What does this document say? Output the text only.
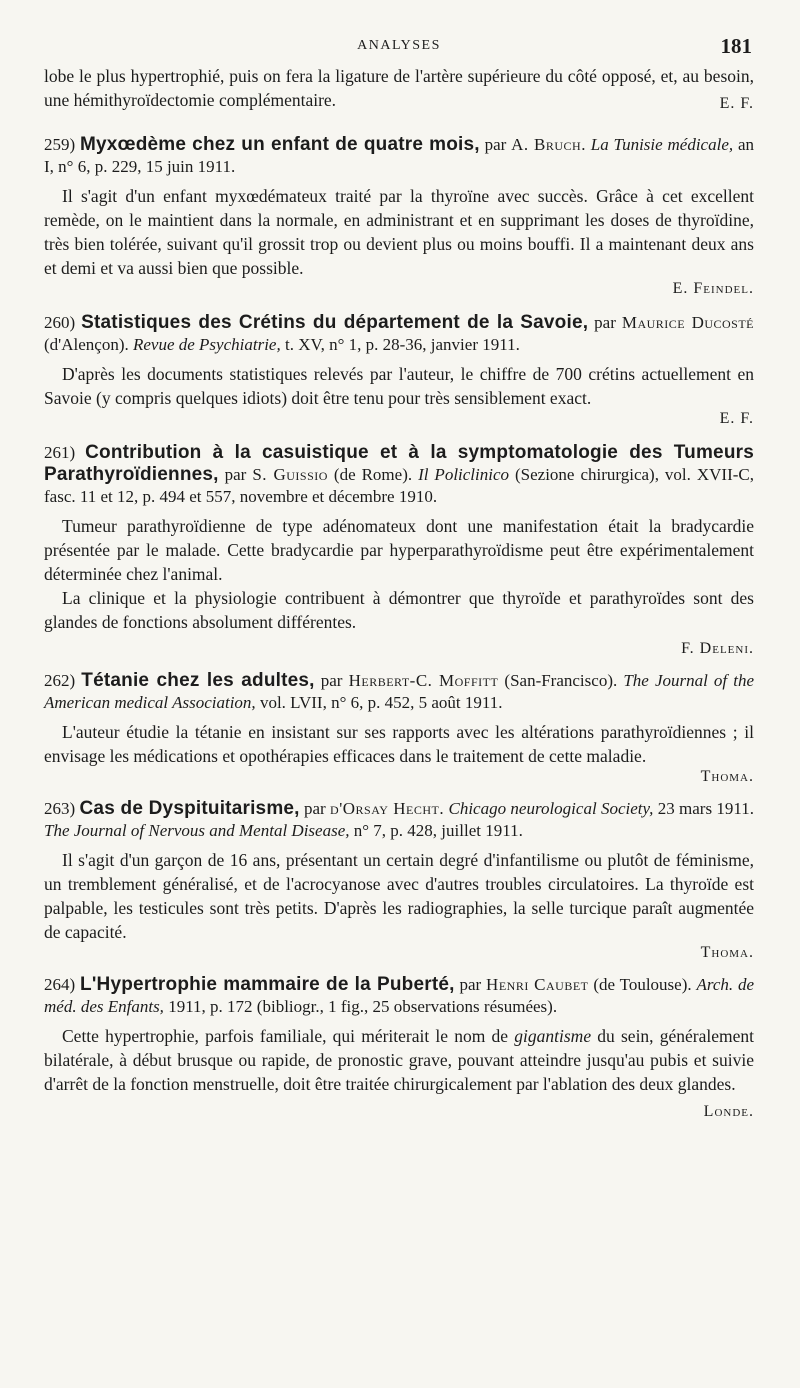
ANALYSES	181
lobe le plus hypertrophié, puis on fera la ligature de l'artère supérieure du côté opposé, et, au besoin, une hémithyroïdectomie complémentaire.	E. F.
259) Myxœdème chez un enfant de quatre mois, par A. Bruch. La Tunisie médicale, an I, n° 6, p. 229, 15 juin 1911.

Il s'agit d'un enfant myxœdémateux traité par la thyroïne avec succès. Grâce à cet excellent remède, on le maintient dans la normale, en administrant et en supprimant les doses de thyroïdine, très bien tolérée, suivant qu'il grossit trop ou devient plus ou moins bouffi. Il a maintenant deux ans et demi et va aussi bien que possible.

E. Feindel.
260) Statistiques des Crétins du département de la Savoie, par Maurice Ducosté (d'Alençon). Revue de Psychiatrie, t. XV, n° 1, p. 28-36, janvier 1911.

D'après les documents statistiques relevés par l'auteur, le chiffre de 700 crétins actuellement en Savoie (y compris quelques idiots) doit être tenu pour très sensiblement exact.

E. F.
261) Contribution à la casuistique et à la symptomatologie des Tumeurs Parathyroïdiennes, par S. Guissio (de Rome). Il Policlinico (Sezione chirurgica), vol. XVII-C, fasc. 11 et 12, p. 494 et 557, novembre et décembre 1910.

Tumeur parathyroïdienne de type adénomateux dont une manifestation était la bradycardie présentée par le malade. Cette bradycardie par hyperparathyroïdisme peut être expérimentalement déterminée chez l'animal.

La clinique et la physiologie contribuent à démontrer que thyroïde et parathyroïdes sont des glandes de fonctions absolument différentes.

F. Deleni.
262) Tétanie chez les adultes, par Herbert-C. Moffitt (San-Francisco). The Journal of the American medical Association, vol. LVII, n° 6, p. 452, 5 août 1911.

L'auteur étudie la tétanie en insistant sur ses rapports avec les altérations parathyroïdiennes ; il envisage les médications et opothérapies efficaces dans le traitement de cette maladie.

Thoma.
263) Cas de Dyspituitarisme, par d'Orsay Hecht. Chicago neurological Society, 23 mars 1911. The Journal of Nervous and Mental Disease, n° 7, p. 428, juillet 1911.

Il s'agit d'un garçon de 16 ans, présentant un certain degré d'infantilisme ou plutôt de féminisme, un tremblement généralisé, et de l'acrocyanose avec d'autres troubles circulatoires. La thyroïde est palpable, les testicules sont très petits. D'après les radiographies, la selle turcique paraît augmentée de capacité.

Thoma.
264) L'Hypertrophie mammaire de la Puberté, par Henri Caubet (de Toulouse). Arch. de méd. des Enfants, 1911, p. 172 (bibliogr., 1 fig., 25 observations résumées).

Cette hypertrophie, parfois familiale, qui mériterait le nom de gigantisme du sein, généralement bilatérale, à début brusque ou rapide, de pronostic grave, pouvant atteindre jusqu'au pubis et suivie d'arrêt de la fonction menstruelle, doit être traitée chirurgicalement par l'ablation des deux glandes.
Londe.
